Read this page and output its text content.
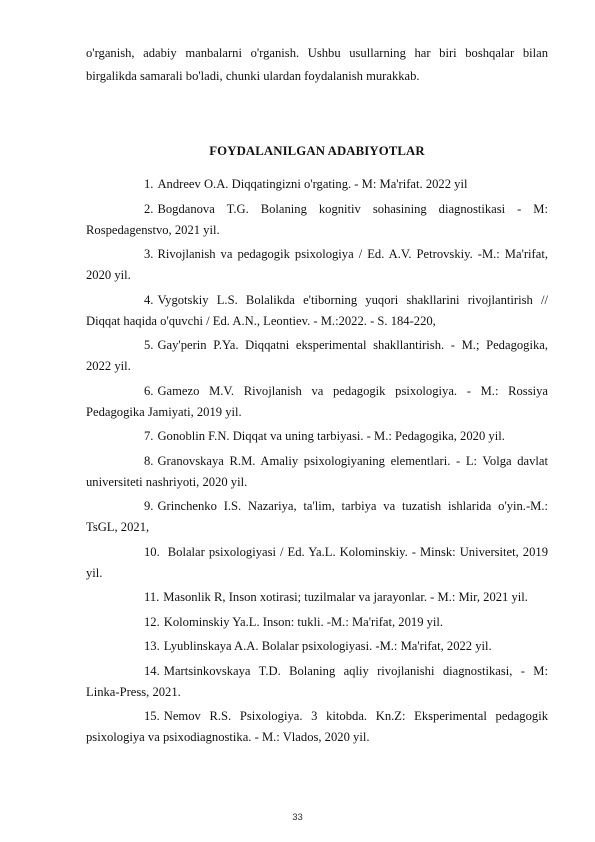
o'rganish, adabiy manbalarni o'rganish. Ushbu usullarning har biri boshqalar bilan birgalikda samarali bo'ladi, chunki ulardan foydalanish murakkab.

FOYDALANILGAN ADABIYOTLAR
1. Andreev O.A. Diqqatingizni o'rgating. - M: Ma'rifat. 2022 yil
2. Bogdanova T.G. Bolaning kognitiv sohasining diagnostikasi - M: Rospedagenstvo, 2021 yil.
3. Rivojlanish va pedagogik psixologiya / Ed. A.V. Petrovskiy. -M.: Ma'rifat, 2020 yil.
4. Vygotskiy L.S. Bolalikda e'tiborning yuqori shakllarini rivojlantirish // Diqqat haqida o'quvchi / Ed. A.N., Leontiev. - M.:2022. - S. 184-220,
5. Gay'perin P.Ya. Diqqatni eksperimental shakllantirish. - M.; Pedagogika, 2022 yil.
6. Gamezo M.V. Rivojlanish va pedagogik psixologiya. - M.: Rossiya Pedagogika Jamiyati, 2019 yil.
7. Gonoblin F.N. Diqqat va uning tarbiyasi. - M.: Pedagogika, 2020 yil.
8. Granovskaya R.M. Amaliy psixologiyaning elementlari. - L: Volga davlat universiteti nashriyoti, 2020 yil.
9. Grinchenko I.S. Nazariya, ta'lim, tarbiya va tuzatish ishlarida o'yin.-M.: TsGL, 2021,
10. Bolalar psixologiyasi / Ed. Ya.L. Kolominskiy. - Minsk: Universitet, 2019 yil.
11. Masonlik R, Inson xotirasi; tuzilmalar va jarayonlar. - M.: Mir, 2021 yil.
12. Kolominskiy Ya.L. Inson: tukli. -M.: Ma'rifat, 2019 yil.
13. Lyublinskaya A.A. Bolalar psixologiyasi. -M.: Ma'rifat, 2022 yil.
14. Martsinkovskaya T.D. Bolaning aqliy rivojlanishi diagnostikasi, - M: Linka-Press, 2021.
15. Nemov R.S. Psixologiya. 3 kitobda. Kn.Z: Eksperimental pedagogik psixologiya va psixodiagnostika. - M.: Vlados, 2020 yil.
33
